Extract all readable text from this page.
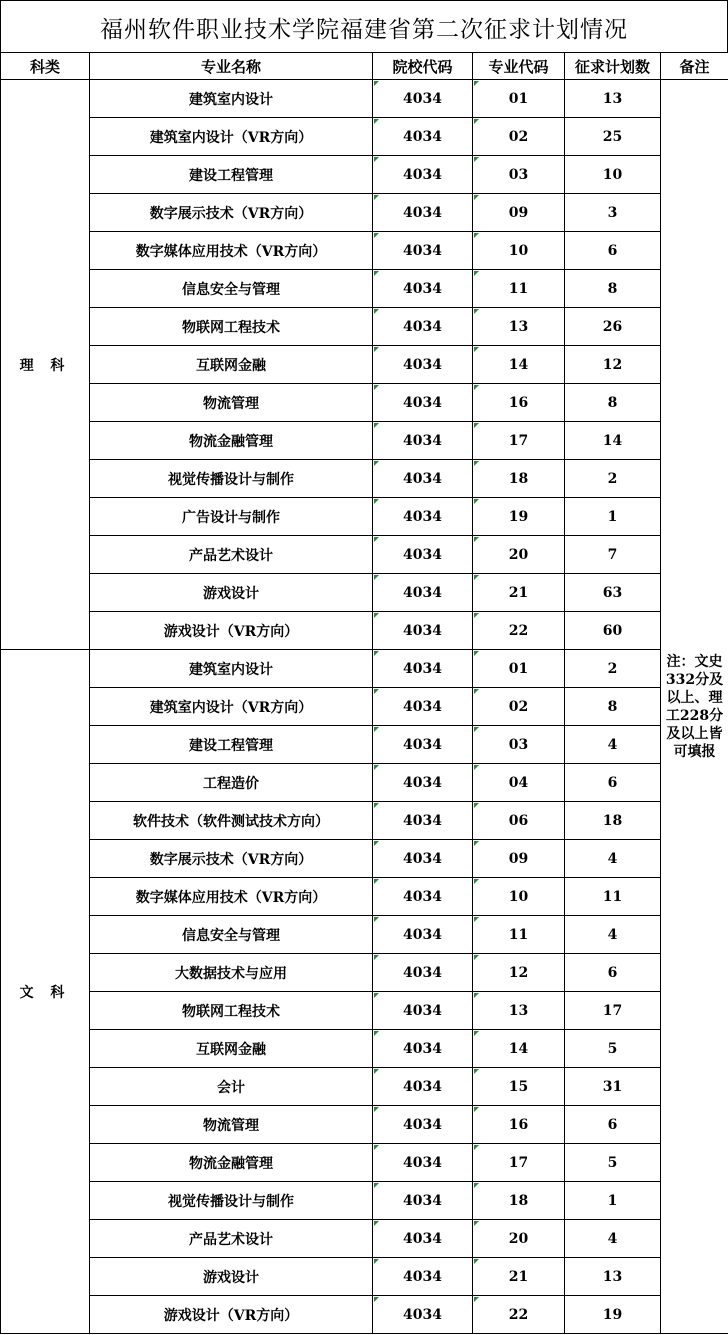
福州软件职业技术学院福建省第二次征求计划情况
科类	专业名称	院校代码	专业代码	征求计划数	备注
理 科	建筑室内设计	4034	01	13	注：文史332分及以上、理工228分及以上皆可填报
	建筑室内设计（VR方向）	4034	02	25	
	建设工程管理	4034	03	10	
	数字展示技术（VR方向）	4034	09	3	
	数字媒体应用技术（VR方向）	4034	10	6	
	信息安全与管理	4034	11	8	
	物联网工程技术	4034	13	26	
	互联网金融	4034	14	12	
	物流管理	4034	16	8	
	物流金融管理	4034	17	14	
	视觉传播设计与制作	4034	18	2	
	广告设计与制作	4034	19	1	
	产品艺术设计	4034	20	7	
	游戏设计	4034	21	63	
	游戏设计（VR方向）	4034	22	60	
文 科	建筑室内设计	4034	01	2	
	建筑室内设计（VR方向）	4034	02	8	
	建设工程管理	4034	03	4	
	工程造价	4034	04	6	
	软件技术（软件测试技术方向）	4034	06	18	
	数字展示技术（VR方向）	4034	09	4	
	数字媒体应用技术（VR方向）	4034	10	11	
	信息安全与管理	4034	11	4	
	大数据技术与应用	4034	12	6	
	物联网工程技术	4034	13	17	
	互联网金融	4034	14	5	
	会计	4034	15	31	
	物流管理	4034	16	6	
	物流金融管理	4034	17	5	
	视觉传播设计与制作	4034	18	1	
	产品艺术设计	4034	20	4	
	游戏设计	4034	21	13	
	游戏设计（VR方向）	4034	22	19	
